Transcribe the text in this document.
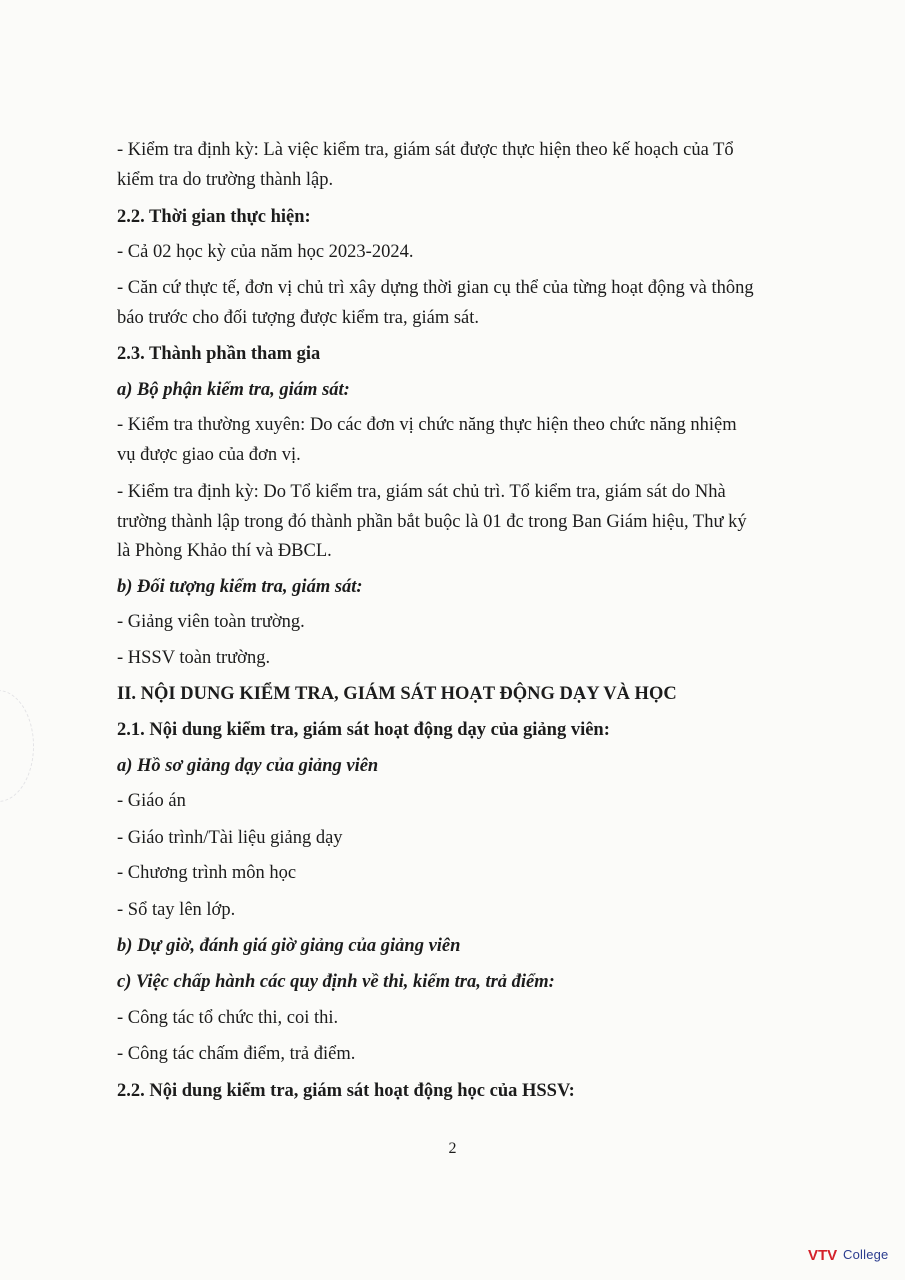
- Kiểm tra định kỳ: Là việc kiểm tra, giám sát được thực hiện theo kế hoạch của Tổ
kiểm tra do trường thành lập.
2.2. Thời gian thực hiện:
- Cả 02 học kỳ của năm học 2023-2024.
- Căn cứ thực tế, đơn vị chủ trì xây dựng thời gian cụ thể của từng hoạt động và thông
báo trước cho đối tượng được kiểm tra, giám sát.
2.3. Thành phần tham gia
a) Bộ phận kiểm tra, giám sát:
- Kiểm tra thường xuyên: Do các đơn vị chức năng thực hiện theo chức năng nhiệm
vụ được giao của đơn vị.
- Kiểm tra định kỳ: Do Tổ kiểm tra, giám sát chủ trì. Tổ kiểm tra, giám sát do Nhà
trường thành lập trong đó thành phần bắt buộc là 01 đc trong Ban Giám hiệu, Thư ký
là Phòng Khảo thí và ĐBCL.
b) Đối tượng kiểm tra, giám sát:
- Giảng viên toàn trường.
- HSSV toàn trường.
II. NỘI DUNG KIỂM TRA, GIÁM SÁT HOẠT ĐỘNG DẠY VÀ HỌC
2.1. Nội dung kiểm tra, giám sát hoạt động dạy của giảng viên:
a) Hồ sơ giảng dạy của giảng viên
- Giáo án
- Giáo trình/Tài liệu giảng dạy
- Chương trình môn học
- Sổ tay lên lớp.
b) Dự giờ, đánh giá giờ giảng của giảng viên
c) Việc chấp hành các quy định về thi, kiểm tra, trả điểm:
- Công tác tổ chức thi, coi thi.
- Công tác chấm điểm, trả điểm.
2.2. Nội dung kiểm tra, giám sát hoạt động học của HSSV:
2
VTV College
